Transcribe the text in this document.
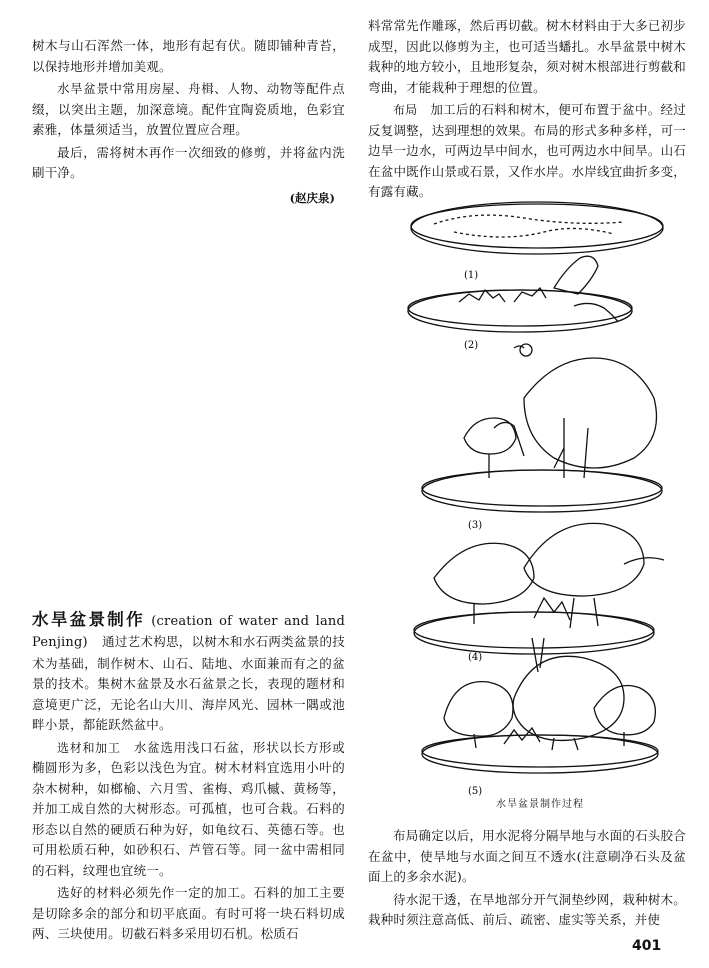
树木与山石浑然一体，地形有起有伏。随即铺种青苔，以保持地形并增加美观。

水旱盆景中常用房屋、舟楫、人物、动物等配件点缀，以突出主题，加深意境。配件宜陶瓷质地，色彩宜素雅，体量须适当，放置位置应合理。

最后，需将树木再作一次细致的修剪，并将盆内洗刷干净。

(赵庆泉)

水旱盆景制作 (creation of water and land Penjing) 通过艺术构思，以树木和水石两类盆景的技术为基础，制作树木、山石、陆地、水面兼而有之的盆景的技术。集树木盆景及水石盆景之长，表现的题材和意境更广泛，无论名山大川、海岸风光、园林一隅或池畔小景，都能跃然盆中。

选材和加工　 水盆选用浅口石盆，形状以长方形或椭圆形为多，色彩以浅色为宜。树木材料宜选用小叶的杂木树种，如榔榆、六月雪、雀梅、鸡爪槭、黄杨等，并加工成自然的大树形态。可孤植，也可合栽。石料的形态以自然的硬质石种为好，如龟纹石、英德石等。也可用松质石种，如砂积石、芦管石等。同一盆中需相同的石料，纹理也宜统一。

选好的材料必须先作一定的加工。石料的加工主要是切除多余的部分和切平底面。有时可将一块石料切成两、三块使用。切截石料多采用切石机。松质石

料常常先作雕琢，然后再切截。树木材料由于大多已初步成型，因此以修剪为主，也可适当蟠扎。水旱盆景中树木栽种的地方较小，且地形复杂，须对树木根部进行剪截和弯曲，才能栽种于理想的位置。

布局　 加工后的石料和树木，便可布置于盆中。经过反复调整，达到理想的效果。布局的形式多种多样，可一边旱一边水，可两边旱中间水，也可两边水中间旱。山石在盆中既作山景或石景，又作水岸。水岸线宜曲折多变，有露有藏。

(1)
(2)
(3)
(4)
(5)
水旱盆景制作过程

布局确定以后，用水泥将分隔旱地与水面的石头胶合在盆中，使旱地与水面之间互不透水(注意刷净石头及盆面上的多余水泥)。

待水泥干透，在旱地部分开气洞垫纱网，栽种树木。栽种时须注意高低、前后、疏密、虚实等关系，并使

401
